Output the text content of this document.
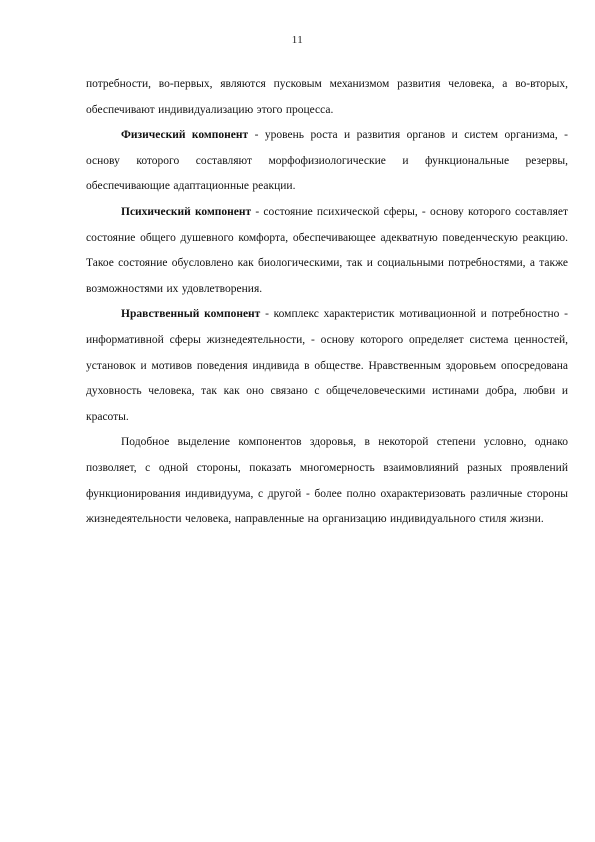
11

потребности, во-первых, являются пусковым механизмом развития человека, а во-вторых, обеспечивают индивидуализацию этого процесса.

Физический компонент - уровень роста и развития органов и систем организма, - основу которого составляют морфофизиологические и функциональные резервы, обеспечивающие адаптационные реакции.

Психический компонент - состояние психической сферы, - основу которого составляет состояние общего душевного комфорта, обеспечивающее адекватную поведенческую реакцию. Такое состояние обусловлено как биологическими, так и социальными потребностями, а также возможностями их удовлетворения.

Нравственный компонент - комплекс характеристик мотивационной и потребностно - информативной сферы жизнедеятельности, - основу которого определяет система ценностей, установок и мотивов поведения индивида в обществе. Нравственным здоровьем опосредована духовность человека, так как оно связано с общечеловеческими истинами добра, любви и красоты.

Подобное выделение компонентов здоровья, в некоторой степени условно, однако позволяет, с одной стороны, показать многомерность взаимовлияний разных проявлений функционирования индивидуума, с другой - более полно охарактеризовать различные стороны жизнедеятельности человека, направленные на организацию индивидуального стиля жизни.
